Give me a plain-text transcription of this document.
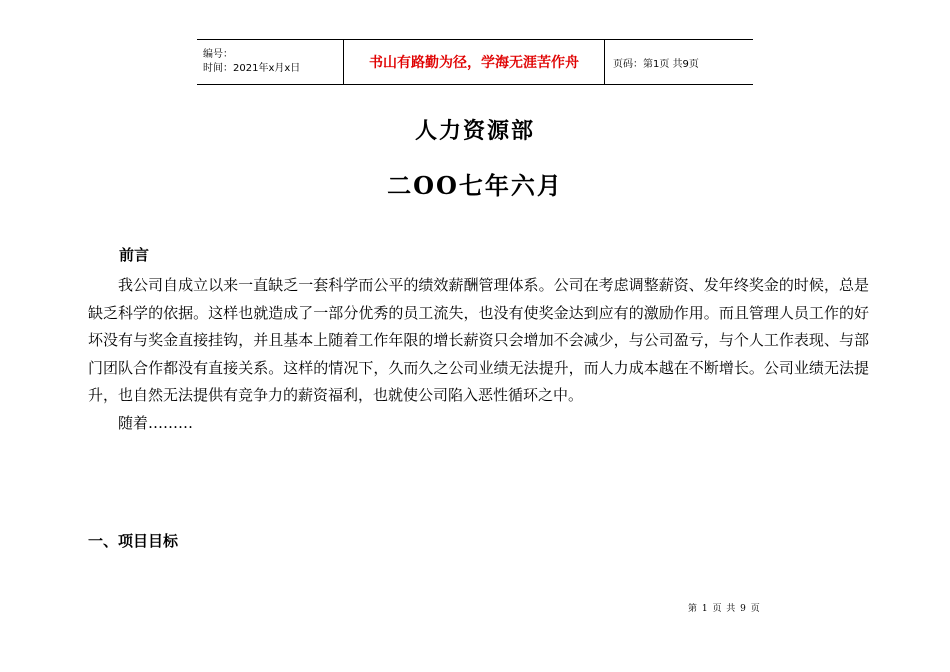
编号：
时间：2021年x月x日	书山有路勤为径，学海无涯苦作舟	页码：第1页 共9页
人力资源部
二OO七年六月
前言

我公司自成立以来一直缺乏一套科学而公平的绩效薪酬管理体系。公司在考虑调整薪资、发年终奖金的时候，总是缺乏科学的依据。这样也就造成了一部分优秀的员工流失，也没有使奖金达到应有的激励作用。而且管理人员工作的好坏没有与奖金直接挂钩，并且基本上随着工作年限的增长薪资只会增加不会减少，与公司盈亏，与个人工作表现、与部门团队合作都没有直接关系。这样的情况下，久而久之公司业绩无法提升，而人力成本越在不断增长。公司业绩无法提升，也自然无法提供有竞争力的薪资福利，也就使公司陷入恶性循环之中。

随着………

一、项目目标
第 1 页 共 9 页
